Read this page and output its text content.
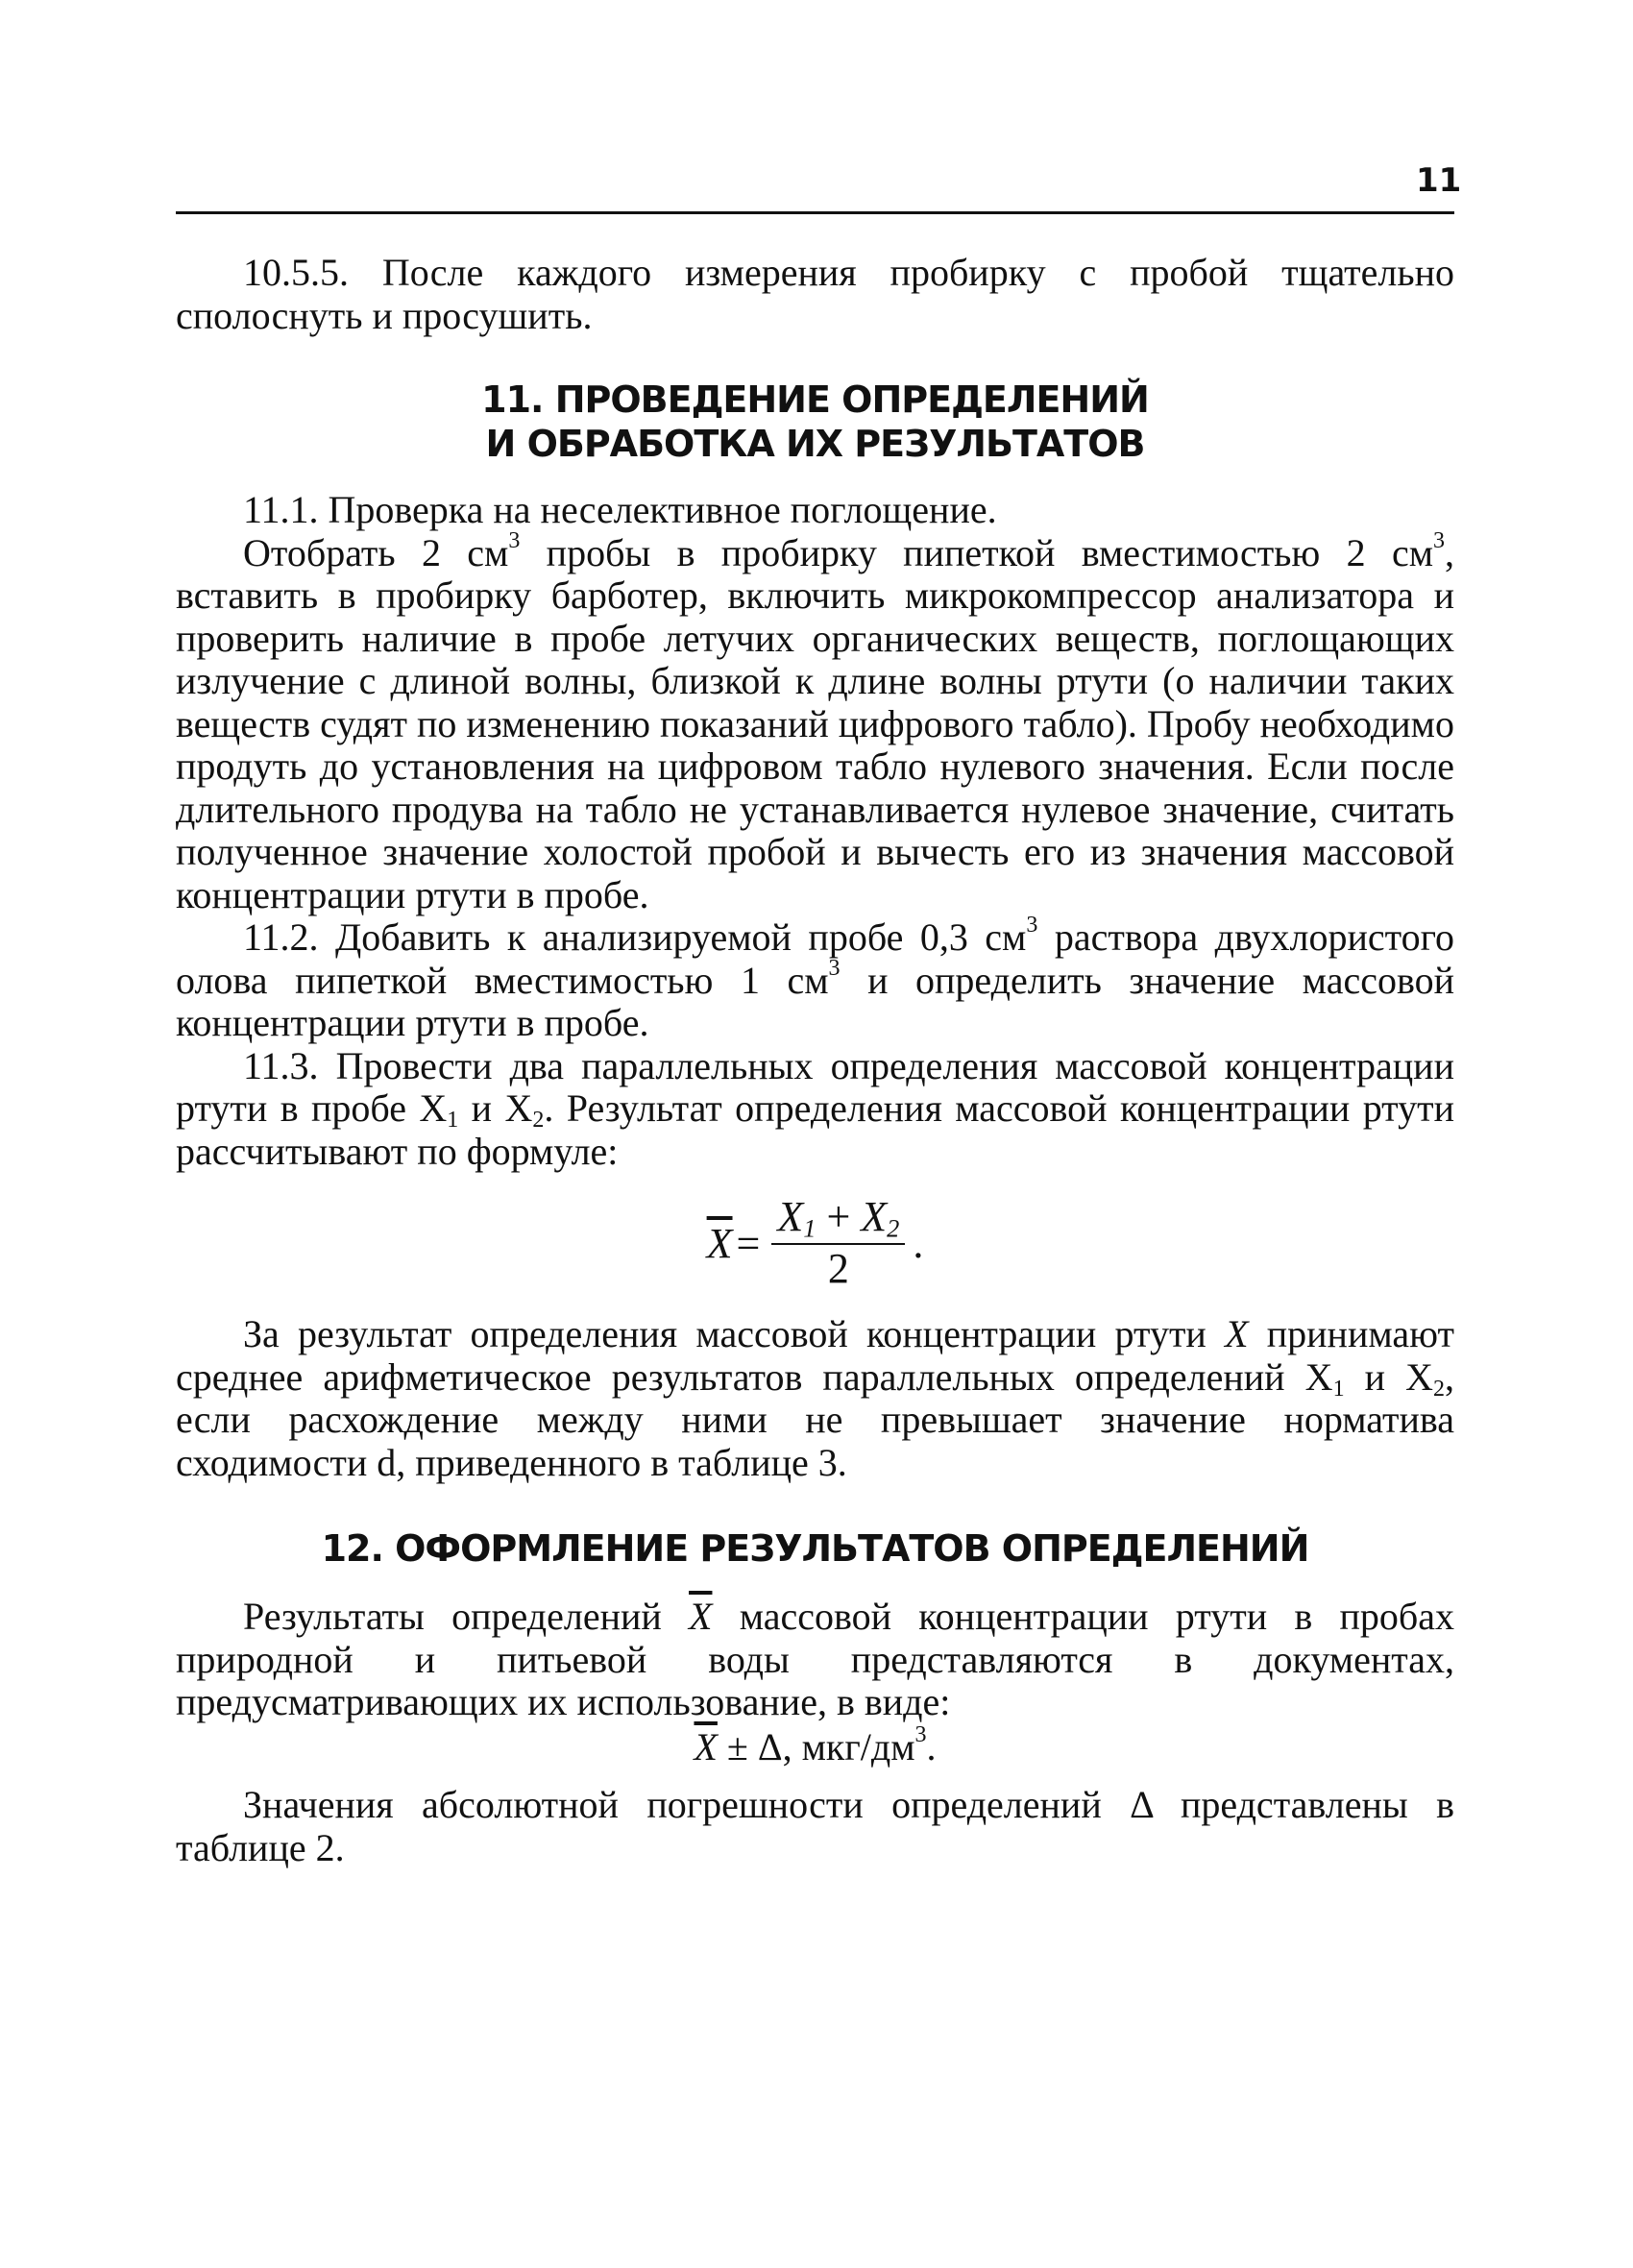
11

10.5.5. После каждого измерения пробирку с пробой тщательно сполоснуть и просушить.

11. ПРОВЕДЕНИЕ ОПРЕДЕЛЕНИЙ
И ОБРАБОТКА ИХ РЕЗУЛЬТАТОВ

11.1. Проверка на неселективное поглощение.

Отобрать 2 $см^3$ пробы в пробирку пипеткой вместимостью 2 $см^3$, вставить в пробирку барботер, включить микрокомпрессор анализатора и проверить наличие в пробе летучих органических веществ, поглощающих излучение с длиной волны, близкой к длине волны ртути (о наличии таких веществ судят по изменению показаний цифрового табло). Пробу необходимо продуть до установления на цифровом табло нулевого значения. Если после длительного продува на табло не устанавливается нулевое значение, считать полученное значение холостой пробой и вычесть его из значения массовой концентрации ртути в пробе.

11.2. Добавить к анализируемой пробе 0,3 $см^3$ раствора двухлористого олова пипеткой вместимостью 1 $см^3$ и определить значение массовой концентрации ртути в пробе.

11.3. Провести два параллельных определения массовой концентрации ртути в пробе $X_1$ и $X_2$. Результат определения массовой концентрации ртути рассчитывают по формуле:

$\overline{X} = \frac{X_1 + X_2}{2}$ .

За результат определения массовой концентрации ртути X принимают среднее арифметическое результатов параллельных определений $X_1$ и $X_2$, если расхождение между ними не превышает значение норматива сходимости d, приведенного в таблице 3.

12. ОФОРМЛЕНИЕ РЕЗУЛЬТАТОВ ОПРЕДЕЛЕНИЙ

Результаты определений $\overline{X}$ массовой концентрации ртути в пробах природной и питьевой воды представляются в документах, предусматривающих их использование, в виде:

$\overline{X} \pm \Delta$, мкг/$дм^3$.

Значения абсолютной погрешности определений Δ представлены в таблице 2.
